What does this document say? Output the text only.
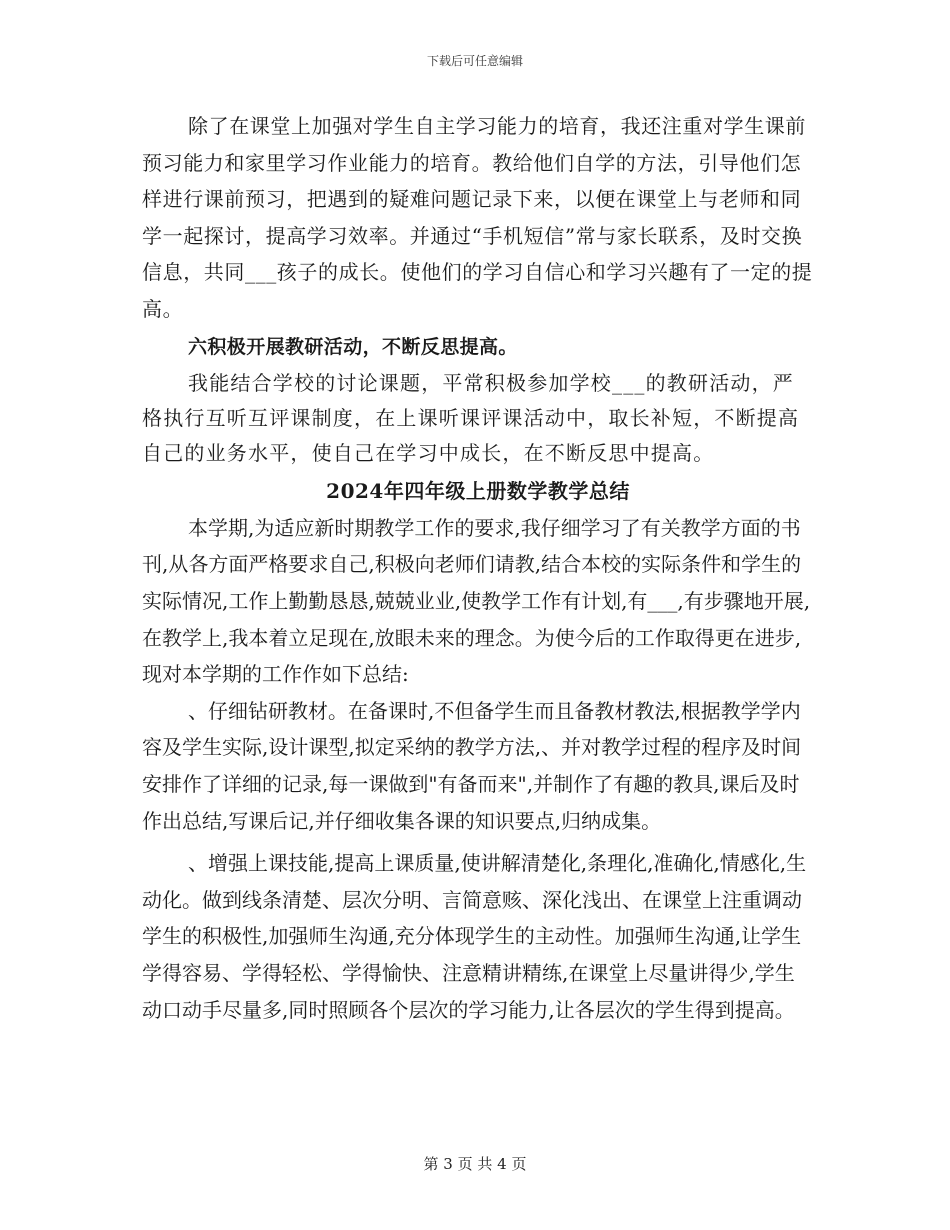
下载后可任意编辑

除了在课堂上加强对学生自主学习能力的培育，我还注重对学生课前预习能力和家里学习作业能力的培育。教给他们自学的方法，引导他们怎样进行课前预习，把遇到的疑难问题记录下来，以便在课堂上与老师和同学一起探讨，提高学习效率。并通过“手机短信”常与家长联系，及时交换信息，共同___孩子的成长。使他们的学习自信心和学习兴趣有了一定的提高。

六积极开展教研活动，不断反思提高。

我能结合学校的讨论课题，平常积极参加学校___的教研活动，严格执行互听互评课制度，在上课听课评课活动中，取长补短，不断提高自己的业务水平，使自己在学习中成长，在不断反思中提高。

2024年四年级上册数学教学总结

本学期,为适应新时期教学工作的要求,我仔细学习了有关教学方面的书刊,从各方面严格要求自己,积极向老师们请教,结合本校的实际条件和学生的实际情况,工作上勤勤恳恳,兢兢业业,使教学工作有计划,有___,有步骤地开展,在教学上,我本着立足现在,放眼未来的理念。为使今后的工作取得更在进步,现对本学期的工作作如下总结:

、仔细钻研教材。在备课时,不但备学生而且备教材教法,根据教学学内容及学生实际,设计课型,拟定采纳的教学方法,、并对教学过程的程序及时间安排作了详细的记录,每一课做到"有备而来",并制作了有趣的教具,课后及时作出总结,写课后记,并仔细收集各课的知识要点,归纳成集。

、增强上课技能,提高上课质量,使讲解清楚化,条理化,准确化,情感化,生动化。做到线条清楚、层次分明、言简意赅、深化浅出、在课堂上注重调动学生的积极性,加强师生沟通,充分体现学生的主动性。加强师生沟通,让学生学得容易、学得轻松、学得愉快、注意精讲精练,在课堂上尽量讲得少,学生动口动手尽量多,同时照顾各个层次的学习能力,让各层次的学生得到提高。

第 3 页 共 4 页
